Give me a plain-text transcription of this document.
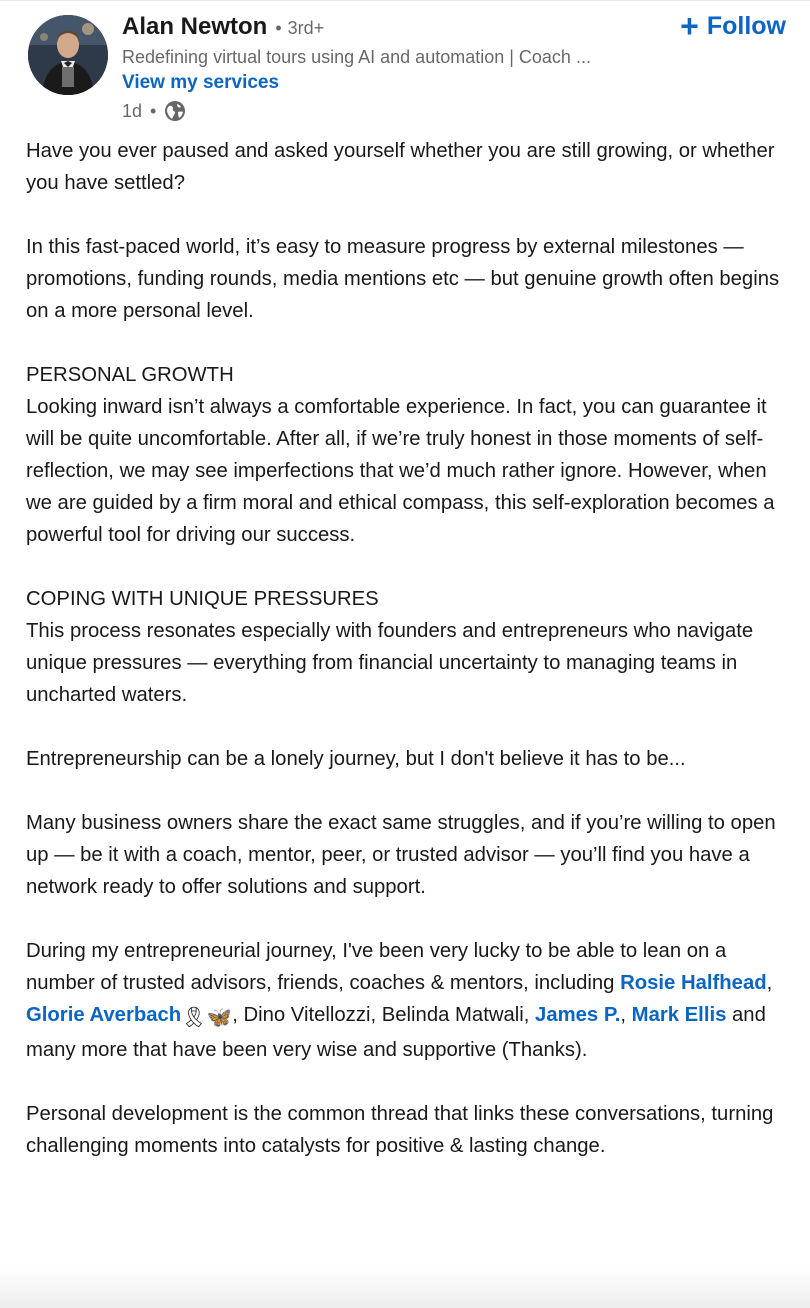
Alan Newton • 3rd+
Redefining virtual tours using AI and automation | Coach ...
View my services
1d •
+ Follow

Have you ever paused and asked yourself whether you are still growing, or whether you have settled?

In this fast-paced world, it’s easy to measure progress by external milestones —promotions, funding rounds, media mentions etc — but genuine growth often begins on a more personal level.

PERSONAL GROWTH
Looking inward isn’t always a comfortable experience. In fact, you can guarantee it will be quite uncomfortable. After all, if we’re truly honest in those moments of self-reflection, we may see imperfections that we’d much rather ignore. However, when we are guided by a firm moral and ethical compass, this self-exploration becomes a powerful tool for driving our success.

COPING WITH UNIQUE PRESSURES
This process resonates especially with founders and entrepreneurs who navigate unique pressures — everything from financial uncertainty to managing teams in uncharted waters.

Entrepreneurship can be a lonely journey, but I don't believe it has to be...

Many business owners share the exact same struggles, and if you’re willing to open up — be it with a coach, mentor, peer, or trusted advisor — you’ll find you have a network ready to offer solutions and support.

During my entrepreneurial journey, I've been very lucky to be able to lean on a number of trusted advisors, friends, coaches & mentors, including Rosie Halfhead, Glorie Averbach🎗🦋, Dino Vitellozzi, Belinda Matwali, James P., Mark Ellis and many more that have been very wise and supportive (Thanks).

Personal development is the common thread that links these conversations, turning challenging moments into catalysts for positive & lasting change.
